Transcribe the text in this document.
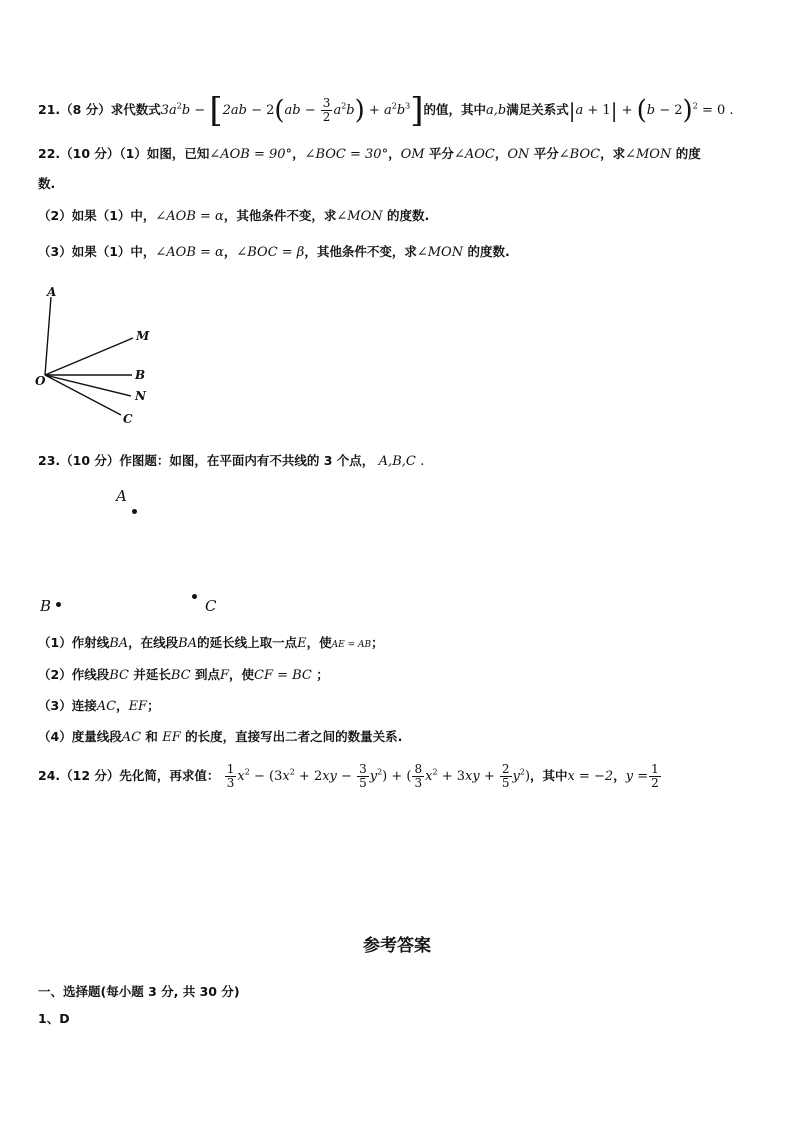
21.（8 分）求代数式$3a^2b - [2ab - 2(ab - \frac{3}{2} a^2b) + a^2b^3]$的值，其中a,b满足关系式$|a + 1| + (b - 2)^2 = 0$ .
22.（10 分）（1）如图，已知∠AOB = 90°，∠BOC = 30°，OM 平分∠AOC，ON 平分∠BOC，求∠MON 的度
数.
（2）如果（1）中，∠AOB = α，其他条件不变，求∠MON 的度数.
（3）如果（1）中，∠AOB = α，∠BOC = β，其他条件不变，求∠MON 的度数.
A
M
B
N
C
O
23.（10 分）作图题：如图，在平面内有不共线的 3 个点， A,B,C .
A
B	C
（1）作射线BA，在线段BA的延长线上取一点E，使AE = AB；
（2）作线段BC 并延长BC 到点F，使CF = BC ；
（3）连接AC，EF；
（4）度量线段AC 和 EF 的长度，直接写出二者之间的数量关系.
24.（12 分）先化简，再求值： $\frac{1}{3} x^2 - (3x^2 + 2xy - \frac{3}{5} y^2)$ + ( $\frac{8}{3} x^2 + 3xy + \frac{2}{5} y^2$)，其中x = −2，$y = \frac{1}{2}$
参考答案
一、选择题(每小题 3 分, 共 30 分)
1、D
